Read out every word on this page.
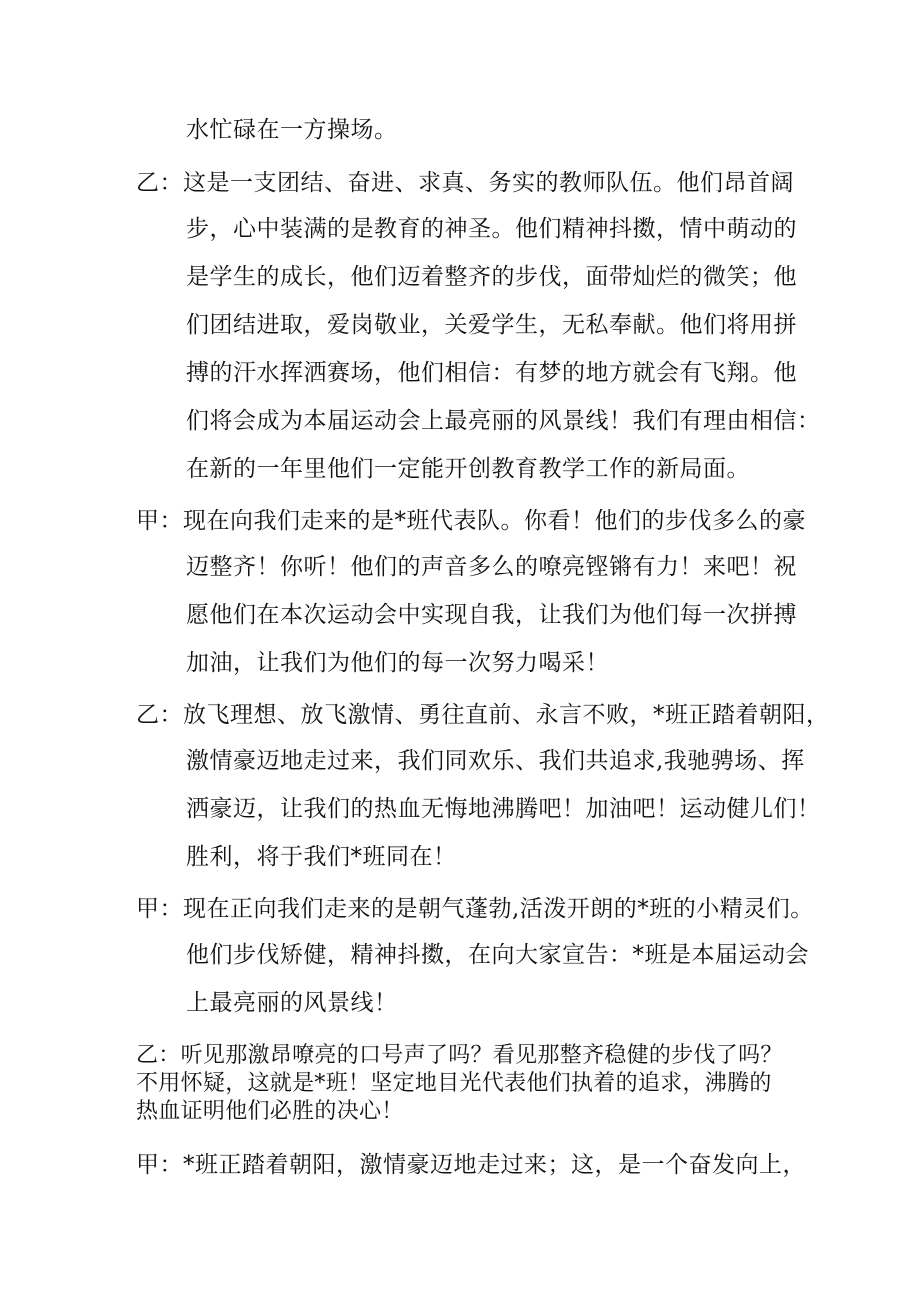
水忙碌在一方操场。
乙：这是一支团结、奋进、求真、务实的教师队伍。他们昂首阔
步，心中装满的是教育的神圣。他们精神抖擞，情中萌动的
是学生的成长，他们迈着整齐的步伐，面带灿烂的微笑；他
们团结进取，爱岗敬业，关爱学生，无私奉献。他们将用拼
搏的汗水挥洒赛场，他们相信：有梦的地方就会有飞翔。他
们将会成为本届运动会上最亮丽的风景线！我们有理由相信：
在新的一年里他们一定能开创教育教学工作的新局面。
甲：现在向我们走来的是*班代表队。你看！他们的步伐多么的豪
迈整齐！你听！他们的声音多么的嘹亮铿锵有力！来吧！祝
愿他们在本次运动会中实现自我，让我们为他们每一次拼搏
加油，让我们为他们的每一次努力喝采！
乙：放飞理想、放飞激情、勇往直前、永言不败，*班正踏着朝阳，
激情豪迈地走过来，我们同欢乐、我们共追求,我驰骋场、挥
洒豪迈，让我们的热血无悔地沸腾吧！加油吧！运动健儿们！
胜利，将于我们*班同在！
甲：现在正向我们走来的是朝气蓬勃,活泼开朗的*班的小精灵们。
他们步伐矫健，精神抖擞，在向大家宣告：*班是本届运动会
上最亮丽的风景线！
乙：听见那激昂嘹亮的口号声了吗？看见那整齐稳健的步伐了吗？
不用怀疑，这就是*班！坚定地目光代表他们执着的追求，沸腾的
热血证明他们必胜的决心！
甲：*班正踏着朝阳，激情豪迈地走过来；这，是一个奋发向上，
